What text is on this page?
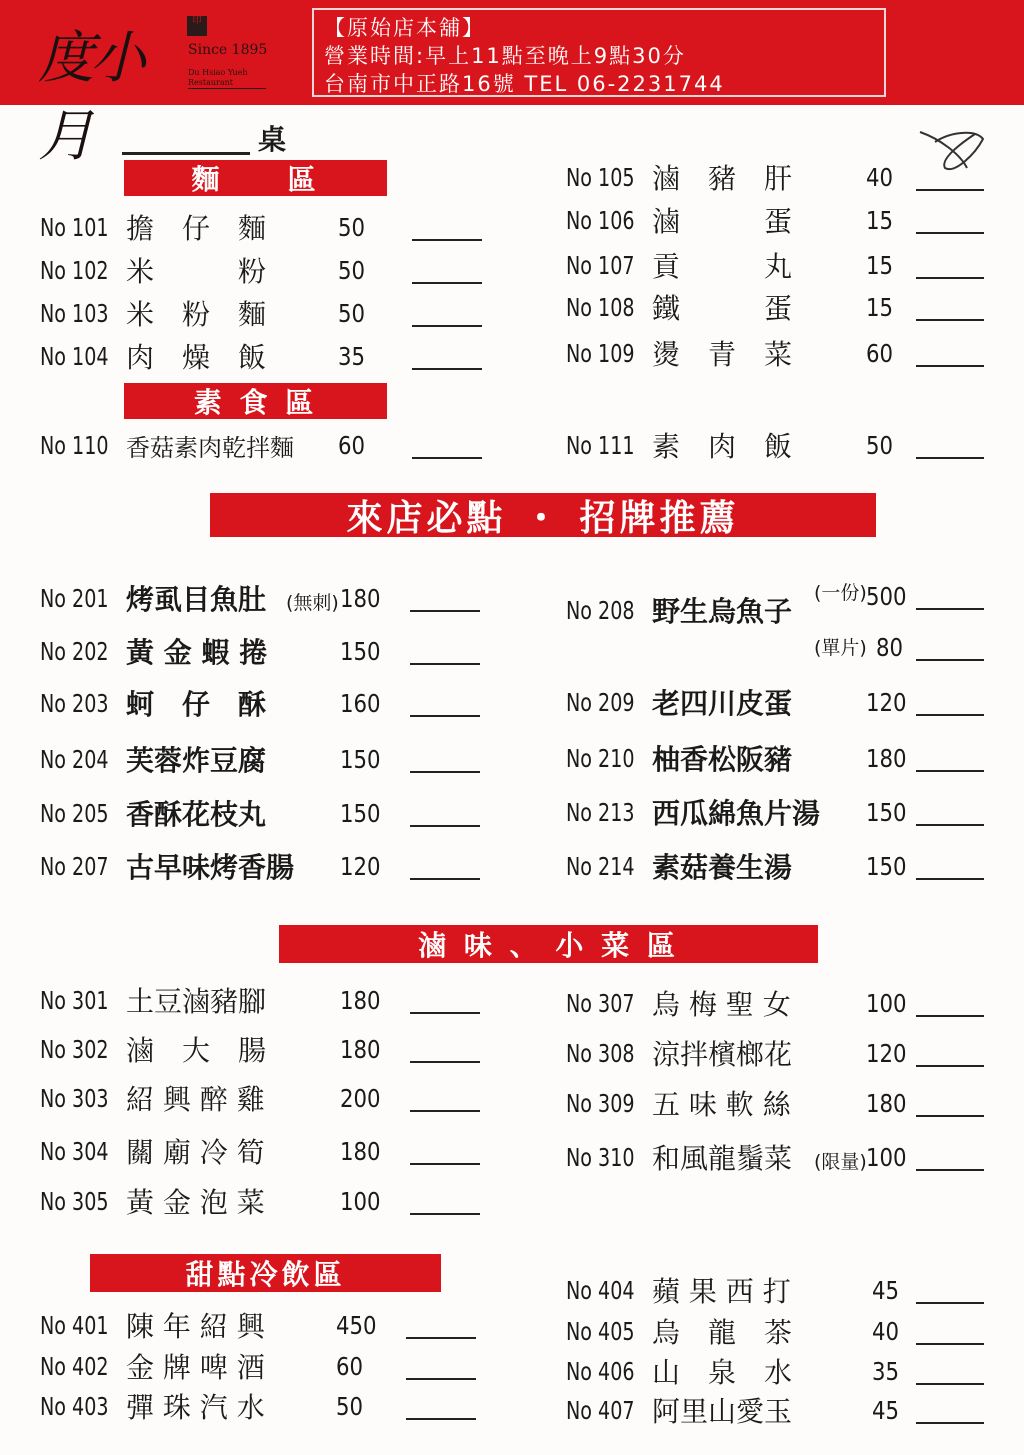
度小月
印
Since 1895
Du Hsiao Yueh Restaurant
【原始店本舖】
營業時間:早上11點至晚上9點30分
台南市中正路16號 TEL 06-2231744
桌
麵　　區
素 食 區
來店必點 ・ 招牌推薦
滷 味 、 小 菜 區
甜點冷飲區
No 101 擔　仔　麵	50
No 102 米　　　粉	50
No 103 米　粉　麵	50
No 104 肉　燥　飯	35
No 110 香菇素肉乾拌麵 60
No 105 滷　豬　肝	40
No 106 滷　　　蛋	15
No 107 貢　　　丸	15
No 108 鐵　　　蛋	15
No 109 燙　青　菜	60
No 111 素　肉　飯	50
No 201 烤虱目魚肚 (無刺) 180
No 202 黃 金 蝦 捲	150
No 203 蚵　仔　酥	160
No 204 芙蓉炸豆腐	150
No 205 香酥花枝丸	150
No 207 古早味烤香腸 120
No 208 野生烏魚子
(一份) 500
(單片) 80
No 209 老四川皮蛋	120
No 210 柚香松阪豬	180
No 213 西瓜綿魚片湯 150
No 214 素菇養生湯	150
No 301 土豆滷豬腳	180
No 302 滷　大　腸	180
No 303 紹 興 醉 雞	200
No 304 關 廟 冷 筍	180
No 305 黃 金 泡 菜	100
No 307 烏 梅 聖 女	100
No 308 涼拌檳榔花	120
No 309 五 味 軟 絲	180
No 310 和風龍鬚菜 (限量) 100
No 401 陳 年 紹 興	450
No 402 金 牌 啤 酒	60
No 403 彈 珠 汽 水	50
No 404 蘋 果 西 打	45
No 405 烏　龍　茶	40
No 406 山　泉　水	35
No 407 阿里山愛玉	45
